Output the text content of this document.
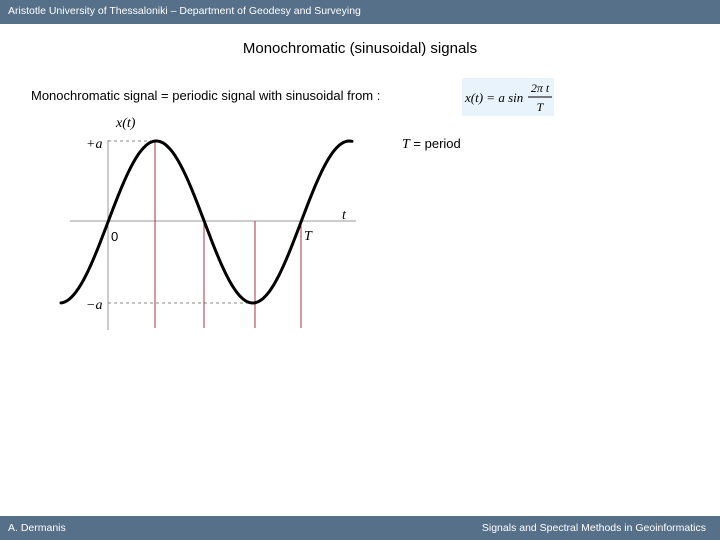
Aristotle University of Thessaloniki – Department of Geodesy and Surveying
Monochromatic (sinusoidal) signals
Monochromatic signal = periodic signal with sinusoidal from :	x(t) = a sin
2π t
T
x(t)
+a
−a
0	T
t
T = period
A. Dermanis	Signals and Spectral Methods in Geoinformatics
